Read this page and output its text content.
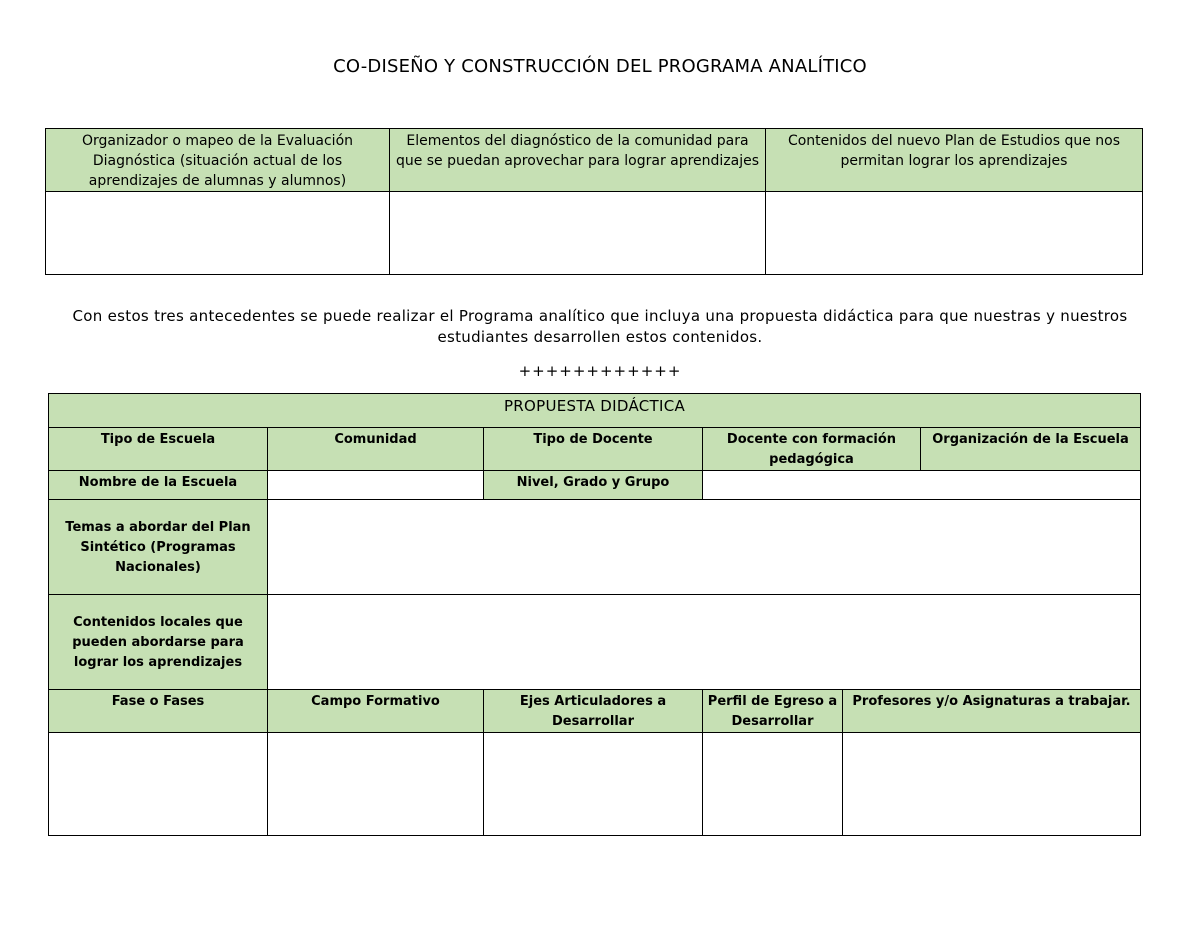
CO-DISEÑO Y CONSTRUCCIÓN DEL PROGRAMA ANALÍTICO
Organizador o mapeo de la Evaluación Diagnóstica (situación actual de los aprendizajes de alumnas y alumnos)	Elementos del diagnóstico de la comunidad para que se puedan aprovechar para lograr aprendizajes	Contenidos del nuevo Plan de Estudios que nos permitan lograr los aprendizajes

Con estos tres antecedentes se puede realizar el Programa analítico que incluya una propuesta didáctica para que nuestras y nuestros estudiantes desarrollen estos contenidos.
++++++++++++
PROPUESTA DIDÁCTICA					
Tipo de Escuela	Comunidad	Tipo de Docente	Docente con formación pedagógica		Organización de la Escuela
Nombre de la Escuela		Nivel, Grado y Grupo			
Temas a abordar del Plan Sintético (Programas Nacionales)					
Contenidos locales que pueden abordarse para lograr los aprendizajes					
Fase o Fases	Campo Formativo	Ejes Articuladores a Desarrollar	Perfil de Egreso a Desarrollar	Profesores y/o Asignaturas a trabajar.	
